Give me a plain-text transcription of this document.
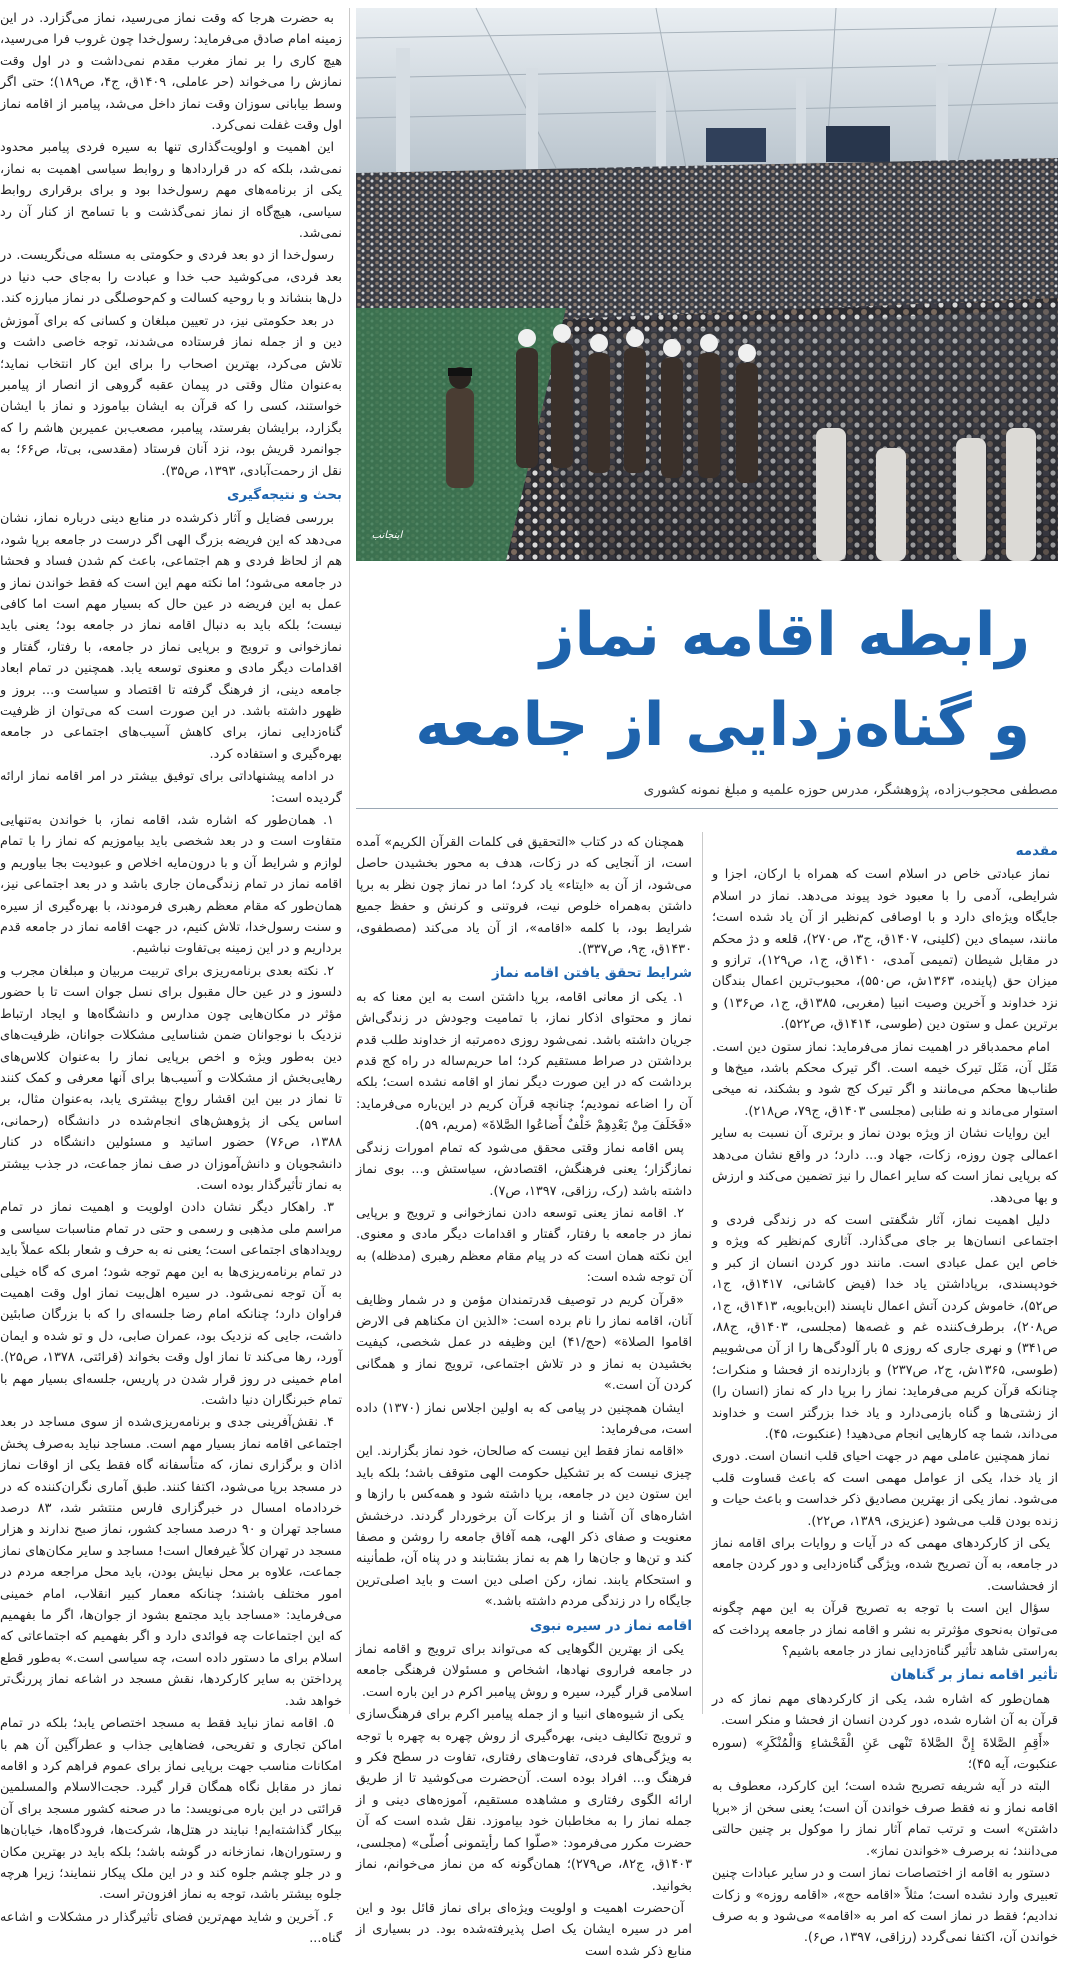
اینجانب

رابطه اقامه نماز

و گناه‌زدایی از جامعه

مصطفی محجوب‌زاده، پژوهشگر، مدرس حوزه علمیه و مبلغ نمونه کشوری

مقدمه

نماز عبادتی خاص در اسلام است که همراه با ارکان، اجزا و شرایطی، آدمی را با معبود خود پیوند می‌دهد. نماز در اسلام جایگاه ویژه‌ای دارد و با اوصافی کم‌نظیر از آن یاد شده است؛ مانند، سیمای دین (کلینی، ۱۴۰۷ق، ج۳، ص۲۷۰)، قلعه و دژ محکم در مقابل شیطان (تمیمی آمدی، ۱۴۱۰ق، ج۱، ص۱۲۹)، ترازو و میزان حق (پاینده، ۱۳۶۳ش، ص۵۵۰)، محبوب‌ترین اعمال بندگان نزد خداوند و آخرین وصیت انبیا (مغربی، ۱۳۸۵ق، ج۱، ص۱۳۶) و برترین عمل و ستون دین (طوسی، ۱۴۱۴ق، ص۵۲۲).

امام محمدباقر در اهمیت نماز می‌فرماید: نماز ستون دین است. مَثَل آن، مَثَل تیرک خیمه است. اگر تیرک محکم باشد، میخ‌ها و طناب‌ها محکم می‌مانند و اگر تیرک کج شود و بشکند، نه میخی استوار می‌ماند و نه طنابی (مجلسی ۱۴۰۳ق، ج۷۹، ص۲۱۸).

این روایات نشان از ویژه بودن نماز و برتری آن نسبت به سایر اعمالی چون روزه، زکات، جهاد و... دارد؛ در واقع نشان می‌دهد که برپایی نماز است که سایر اعمال را نیز تضمین می‌کند و ارزش و بها می‌دهد.

دلیل اهمیت نماز، آثار شگفتی است که در زندگی فردی و اجتماعی انسان‌ها بر جای می‌گذارد. آثاری کم‌نظیر که ویژه و خاص این عمل عبادی است. مانند دور کردن انسان از کبر و خودپسندی، برپاداشتن یاد خدا (فیض کاشانی، ۱۴۱۷ق، ج۱، ص۵۲)، خاموش کردن آتش اعمال ناپسند (ابن‌بابویه، ۱۴۱۳ق، ج۱، ص۲۰۸)، برطرف‌کننده غم و غصه‌ها (مجلسی، ۱۴۰۳ق، ج۸۸، ص۳۴۱) و نهری جاری که روزی ۵ بار آلودگی‌ها را از آن می‌شوییم (طوسی، ۱۳۶۵ش، ج۲، ص۲۳۷) و بازدارنده از فحشا و منکرات؛ چنانکه قرآن کریم می‌فرماید: نماز را برپا دار که نماز (انسان را) از زشتی‌ها و گناه بازمی‌دارد و یاد خدا بزرگتر است و خداوند می‌داند، شما چه کارهایی انجام می‌دهید! (عنکبوت، ۴۵).

نماز همچنین عاملی مهم در جهت احیای قلب انسان است. دوری از یاد خدا، یکی از عوامل مهمی است که باعث قساوت قلب می‌شود. نماز یکی از بهترین مصادیق ذکر خداست و باعث حیات و زنده بودن قلب می‌شود (عزیزی، ۱۳۸۹، ص۲۲).

یکی از کارکردهای مهمی که در آیات و روایات برای اقامه نماز در جامعه، به آن تصریح شده، ویژگی گناه‌زدایی و دور کردن جامعه از فحشاست.

سؤال این است با توجه به تصریح قرآن به این مهم چگونه می‌توان به‌نحوی مؤثرتر به نشر و اقامه نماز در جامعه پرداخت که به‌راستی شاهد تأثیر گناه‌زدایی نماز در جامعه باشیم؟

تأثیر اقامه نماز بر گناهان

همان‌طور که اشاره شد، یکی از کارکردهای مهم نماز که در قرآن به آن اشاره شده، دور کردن انسان از فحشا و منکر است.

«أَقِمِ الصَّلاةَ إِنَّ الصَّلاةَ تَنْهى عَنِ الْفَحْشاءِ وَالْمُنْكَرِ» (سوره عنکبوت، آیه ۴۵)؛

البته در آیه شریفه تصریح شده است؛ این کارکرد، معطوف به اقامه نماز و نه فقط صرف خواندن آن است؛ یعنی سخن از «برپا داشتن» است و ترتب تمام آثار نماز را موکول بر چنین حالتی می‌دانند؛ نه برصرف «خواندن نماز».

دستور به اقامه از اختصاصات نماز است و در سایر عبادات چنین تعبیری وارد نشده است؛ مثلاً «اقامه حج»، «اقامه روزه» و زکات ندادیم؛ فقط در نماز است که امر به «اقامه» می‌شود و به صرف خواندن آن، اکتفا نمی‌گردد (رزاقی، ۱۳۹۷، ص۶).

همچنان که در کتاب «التحقیق فی کلمات القرآن الکریم» آمده است، از آنجایی که در زکات، هدف به محور بخشیدن حاصل می‌شود، از آن به «ایتاء» یاد کرد؛ اما در نماز چون نظر به برپا داشتن به‌همراه خلوص نیت، فروتنی و کرنش و حفظ جمیع شرایط بود، با کلمه «اقامه»، از آن یاد می‌کند (مصطفوی، ۱۴۳۰ق، ج۹، ص۳۳۷).

شرایط تحقق یافتن اقامه نماز

۱. یکی از معانی اقامه، برپا داشتن است به این معنا که به نماز و محتوای اذکار نماز، با تمامیت وجودش در زندگی‌اش جریان داشته باشد. نمی‌شود روزی ده‌مرتبه از خداوند طلب قدم برداشتن در صراط مستقیم کرد؛ اما حریم‌ساله در راه کج قدم برداشت که در این صورت دیگر نماز او اقامه نشده است؛ بلکه آن را اضاعه نمودیم؛ چنانچه قرآن کریم در این‌باره می‌فرماید: «فَخَلَفَ مِنْ بَعْدِهِمْ خَلْفٌ أَضاعُوا الصَّلاةَ» (مریم، ۵۹).

پس اقامه نماز وقتی محقق می‌شود که تمام امورات زندگی نمازگزار؛ یعنی فرهنگش، اقتصادش، سیاستش و... بوی نماز داشته باشد (رک، رزاقی، ۱۳۹۷، ص۷).

۲. اقامه نماز یعنی توسعه دادن نمازخوانی و ترویج و برپایی نماز در جامعه با رفتار، گفتار و اقدامات دیگر مادی و معنوی. این نکته همان است که در پیام مقام معظم رهبری (مدظله) به آن توجه شده است:

«قرآن کریم در توصیف قدرتمندان مؤمن و در شمار وظایف آنان، اقامه نماز را نام برده است: «الذین ان مکناهم فی الارض اقاموا الصلاة» (حج/۴۱) این وظیفه در عمل شخصی، کیفیت بخشیدن به نماز و در تلاش اجتماعی، ترویج نماز و همگانی کردن آن است.»

ایشان همچنین در پیامی که به اولین اجلاس نماز (۱۳۷۰) داده است، می‌فرماید:

«اقامه نماز فقط این نیست که صالحان، خود نماز بگزارند. این چیزی نیست که بر تشکیل حکومت الهی متوقف باشد؛ بلکه باید این ستون دین در جامعه، برپا داشته شود و همه‌کس با رازها و اشاره‌های آن آشنا و از برکات آن برخوردار گردند. درخشش معنویت و صفای ذکر الهی، همه آفاق جامعه را روشن و مصفا کند و تن‌ها و جان‌ها را هم به نماز بشتابند و در پناه آن، طمأنینه و استحکام یابند. نماز، رکن اصلی دین است و باید اصلی‌ترین جایگاه را در زندگی مردم داشته باشد.»

اقامه نماز در سیره نبوی

یکی از بهترین الگوهایی که می‌تواند برای ترویج و اقامه نماز در جامعه فراروی نهادها، اشخاص و مسئولان فرهنگی جامعه اسلامی قرار گیرد، سیره و روش پیامبر اکرم در این باره است.

یکی از شیوه‌های انبیا و از جمله پیامبر اکرم برای فرهنگ‌سازی و ترویج تکالیف دینی، بهره‌گیری از روش چهره به چهره با توجه به ویژگی‌های فردی، تفاوت‌های رفتاری، تفاوت در سطح فکر و فرهنگ و... افراد بوده است. آن‌حضرت می‌کوشید تا از طریق ارائه الگوی رفتاری و مشاهده مستقیم، آموزه‌های دینی و از جمله نماز را به مخاطبان خود بیاموزد. نقل شده است که آن حضرت مکرر می‌فرمود: «صلّوا کما رأیتمونی اُصلّی» (مجلسی، ۱۴۰۳ق، ج۸۲، ص۲۷۹)؛ همان‌گونه که من نماز می‌خوانم، نماز بخوانید.

آن‌حضرت اهمیت و اولویت ویژه‌ای برای نماز قائل بود و این امر در سیره ایشان یک اصل پذیرفته‌شده بود. در بسیاری از منابع ذکر شده است

به حضرت هرجا که وقت نماز می‌رسید، نماز می‌گزارد. در این زمینه امام صادق می‌فرماید: رسول‌خدا چون غروب فرا می‌رسید، هیچ کاری را بر نماز مغرب مقدم نمی‌داشت و در اول وقت نمازش را می‌خواند (حر عاملی، ۱۴۰۹ق، ج۴، ص۱۸۹)؛ حتی اگر وسط بیابانی سوزان وقت نماز داخل می‌شد، پیامبر از اقامه نماز اول وقت غفلت نمی‌کرد.

این اهمیت و اولویت‌گذاری تنها به سیره فردی پیامبر محدود نمی‌شد، بلکه که در قراردادها و روابط سیاسی اهمیت به نماز، یکی از برنامه‌های مهم رسول‌خدا بود و برای برقراری روابط سیاسی، هیچ‌گاه از نماز نمی‌گذشت و با تسامح از کنار آن رد نمی‌شد.

رسول‌خدا از دو بعد فردی و حکومتی به مسئله می‌نگریست. در بعد فردی، می‌کوشید حب خدا و عبادت را به‌جای حب دنیا در دل‌ها بنشاند و با روحیه کسالت و کم‌حوصلگی در نماز مبارزه کند.

در بعد حکومتی نیز، در تعیین مبلغان و کسانی که برای آموزش دین و از جمله نماز فرستاده می‌شدند، توجه خاصی داشت و تلاش می‌کرد، بهترین اصحاب را برای این کار انتخاب نماید؛ به‌عنوان مثال وقتی در پیمان عقبه گروهی از انصار از پیامبر خواستند، کسی را که قرآن به ایشان بیاموزد و نماز با ایشان بگزارد، برایشان بفرستد، پیامبر، مصعب‌بن عمیربن هاشم را که جوانمرد قریش بود، نزد آنان فرستاد (مقدسی، بی‌تا، ص۶۶؛ به نقل از رحمت‌آبادی، ۱۳۹۳، ص۳۵).

بحث و نتیجه‌گیری

بررسی فضایل و آثار ذکرشده در منابع دینی درباره نماز، نشان می‌دهد که این فریضه بزرگ الهی اگر درست در جامعه برپا شود، هم از لحاظ فردی و هم اجتماعی، باعث کم شدن فساد و فحشا در جامعه می‌شود؛ اما نکته مهم این است که فقط خواندن نماز و عمل به این فریضه در عین حال که بسیار مهم است اما کافی نیست؛ بلکه باید به دنبال اقامه نماز در جامعه بود؛ یعنی باید نمازخوانی و ترویج و برپایی نماز در جامعه، با رفتار، گفتار و اقدامات دیگر مادی و معنوی توسعه یابد. همچنین در تمام ابعاد جامعه دینی، از فرهنگ گرفته تا اقتصاد و سیاست و... بروز و ظهور داشته باشد. در این صورت است که می‌توان از ظرفیت گناه‌زدایی نماز، برای کاهش آسیب‌های اجتماعی در جامعه بهره‌گیری و استفاده کرد.

در ادامه پیشنهاداتی برای توفیق بیشتر در امر اقامه نماز ارائه گردیده است:

۱. همان‌طور که اشاره شد، اقامه نماز، با خواندن به‌تنهایی متفاوت است و در بعد شخصی باید بیاموزیم که نماز را با تمام لوازم و شرایط آن و با درون‌مایه اخلاص و عبودیت بجا بیاوریم و اقامه نماز در تمام زندگی‌مان جاری باشد و در بعد اجتماعی نیز، همان‌طور که مقام معظم رهبری فرمودند، با بهره‌گیری از سیره و سنت رسول‌خدا، تلاش کنیم، در جهت اقامه نماز در جامعه قدم برداریم و در این زمینه بی‌تفاوت نباشیم.

۲. نکته بعدی برنامه‌ریزی برای تربیت مربیان و مبلغان مجرب و دلسوز و در عین حال مقبول برای نسل جوان است تا با حضور مؤثر در مکان‌هایی چون مدارس و دانشگاه‌ها و ایجاد ارتباط نزدیک با نوجوانان ضمن شناسایی مشکلات جوانان، ظرفیت‌های دین به‌طور ویژه و اخص برپایی نماز را به‌عنوان کلاس‌های رهایی‌بخش از مشکلات و آسیب‌ها برای آنها معرفی و کمک کنند تا نماز در بین این اقشار رواج بیشتری یابد، به‌عنوان مثال، بر اساس یکی از پژوهش‌های انجام‌شده در دانشگاه (رحمانی، ۱۳۸۸، ص۷۶) حضور اساتید و مسئولین دانشگاه در کنار دانشجویان و دانش‌آموزان در صف نماز جماعت، در جذب بیشتر به نماز تأثیرگذار بوده است.

۳. راهکار دیگر نشان دادن اولویت و اهمیت نماز در تمام مراسم ملی مذهبی و رسمی و حتی در تمام مناسبات سیاسی و رویدادهای اجتماعی است؛ یعنی نه به حرف و شعار بلکه عملاً باید در تمام برنامه‌ریزی‌ها به این مهم توجه شود؛ امری که گاه خیلی به آن توجه نمی‌شود. در سیره اهل‌بیت نماز اول وقت اهمیت فراوان دارد؛ چنانکه امام رضا جلسه‌ای را که با بزرگان صابئین داشت، جایی که نزدیک بود، عمران صابی، دل و تو شده و ایمان آورد، رها می‌کند تا نماز اول وقت بخواند (قرائتی، ۱۳۷۸، ص۲۵). امام خمینی در روز قرار شدن در پاریس، جلسه‌ای بسیار مهم با تمام خبرنگاران دنیا داشت.

۴. نقش‌آفرینی جدی و برنامه‌ریزی‌شده از سوی مساجد در بعد اجتماعی اقامه نماز بسیار مهم است. مساجد نباید به‌صرف پخش اذان و برگزاری نماز‌، که متأسفانه گاه فقط یکی از اوقات نماز در مسجد برپا می‌شود، اکتفا کنند. طبق آماری نگران‌کننده که در خردادماه امسال در خبرگزاری فارس منتشر شد، ۸۳ درصد مساجد تهران و ۹۰ درصد مساجد کشور، نماز صبح ندارند و هزار مسجد در تهران کلاً غیرفعال است! مساجد و سایر مکان‌های نماز جماعت، علاوه بر محل نیایش بودن، باید محل مراجعه مردم در امور مختلف باشند؛ چنانکه معمار کبیر انقلاب، امام خمینی می‌فرماید: «مساجد باید مجتمع بشود از جوان‌ها، اگر ما بفهمیم که این اجتماعات چه فوائدی دارد و اگر بفهمیم که اجتماعاتی که اسلام برای ما دستور داده است، چه سیاسی است.» به‌طور قطع پرداختن به سایر کارکردها، نقش مسجد در اشاعه نماز پررنگ‌تر خواهد شد.

۵. اقامه نماز نباید فقط به مسجد اختصاص یابد؛ بلکه در تمام اماکن تجاری و تفریحی، فضاهایی جذاب و عطرآگین آن هم با امکانات مناسب جهت برپایی نماز برای عموم فراهم کرد و اقامه نماز در مقابل نگاه همگان قرار گیرد. حجت‌الاسلام والمسلمین قرائتی در این باره می‌نویسد: ما در صحنه کشور مسجد برای آن بیکار گذاشته‌ایم! نبایند در هتل‌ها، شرکت‌ها، فرودگاه‌ها، خیابان‌ها و رستوران‌ها، نمازخانه در گوشه باشد؛ بلکه باید در بهترین مکان و در جلو چشم جلوه کند و در این ملک پیکار ننمایند؛ زیرا هرچه جلوه بیشتر باشد، توجه به نماز افزون‌تر است.

۶. آخرین و شاید مهم‌ترین فضای تأثیرگذار در مشکلات و اشاعه گناه...
